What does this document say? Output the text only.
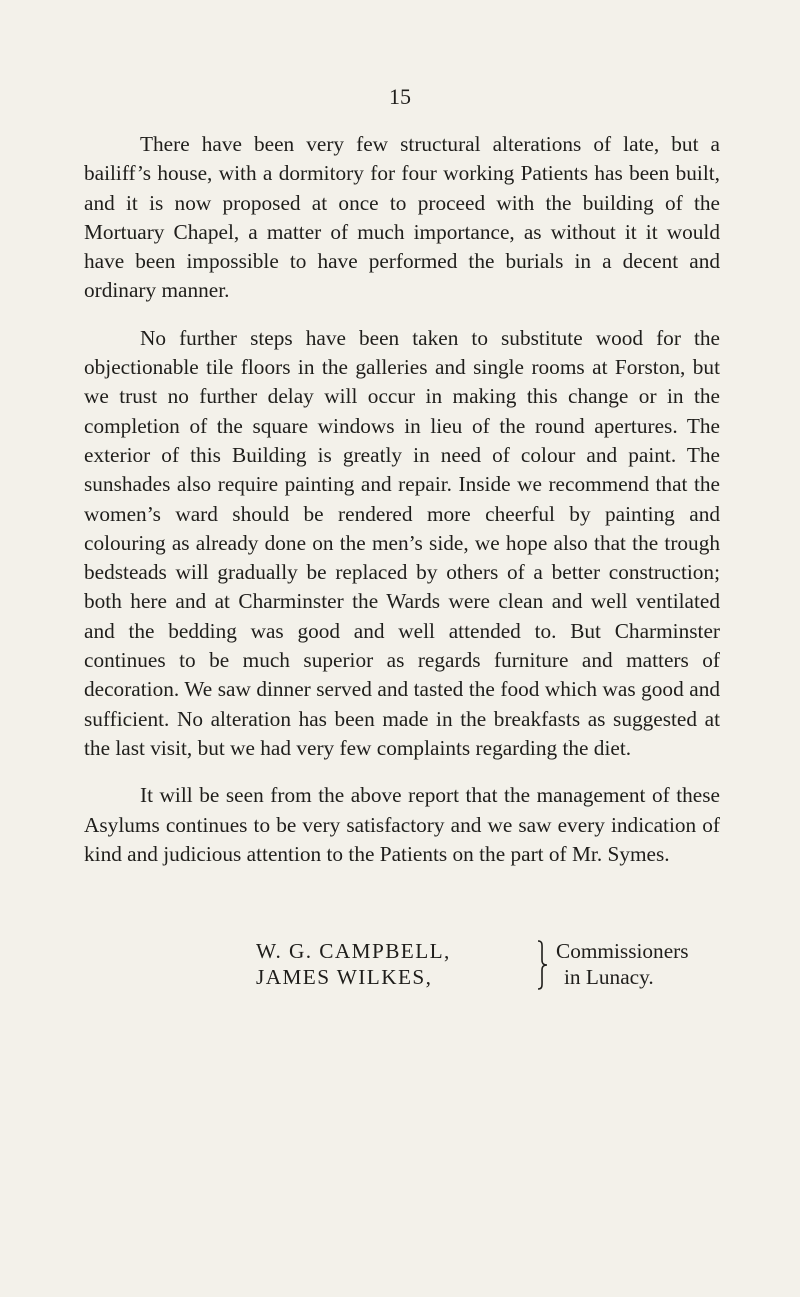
15

There have been very few structural alterations of late, but a bailiff’s house, with a dormitory for four working Patients has been built, and it is now proposed at once to proceed with the building of the Mortuary Chapel, a matter of much importance, as without it it would have been impossible to have performed the burials in a decent and ordinary manner.

No further steps have been taken to substitute wood for the objectionable tile floors in the galleries and single rooms at Forston, but we trust no further delay will occur in making this change or in the completion of the square windows in lieu of the round apertures. The exterior of this Building is greatly in need of colour and paint. The sunshades also require painting and repair. Inside we recommend that the women’s ward should be rendered more cheerful by painting and colouring as already done on the men’s side, we hope also that the trough bedsteads will gradually be replaced by others of a better construction; both here and at Charminster the Wards were clean and well ventilated and the bedding was good and well attended to. But Charminster continues to be much superior as regards furniture and matters of decoration. We saw dinner served and tasted the food which was good and sufficient. No alteration has been made in the breakfasts as suggested at the last visit, but we had very few complaints regarding the diet.

It will be seen from the above report that the management of these Asylums continues to be very satisfactory and we saw every indication of kind and judicious attention to the Patients on the part of Mr. Symes.

W. G. CAMPBELL,
JAMES WILKES,
Commissioners
in Lunacy.
